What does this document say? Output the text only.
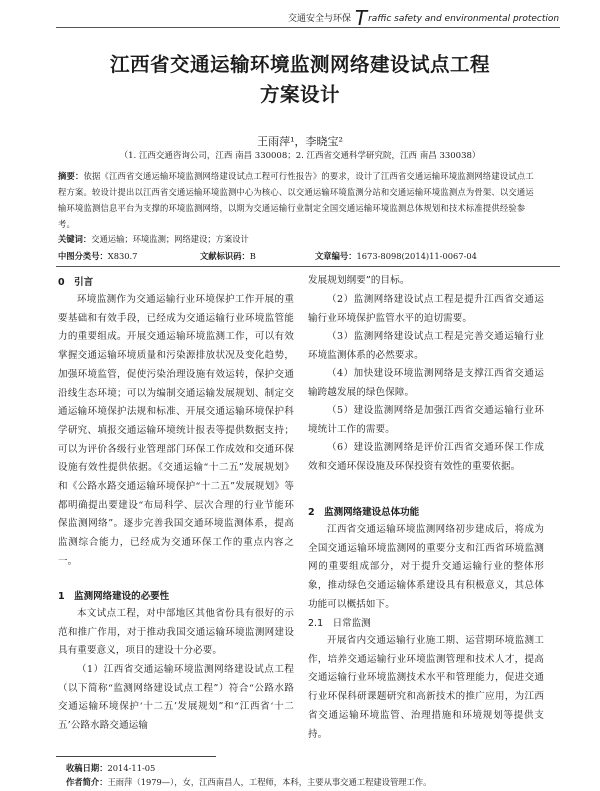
交通安全与环保 Traffic safety and environmental protection
江西省交通运输环境监测网络建设试点工程
方案设计
王雨萍¹，李晓宝²
（1. 江西交通咨询公司，江西 南昌 330008；2. 江西省交通科学研究院，江西 南昌 330038）
摘要：依据《江西省交通运输环境监测网络建设试点工程可行性报告》的要求，设计了江西省交通运输环境监测网络建设试点工程方案。较设计提出以江西省交通运输环境监测中心为核心、以交通运输环境监测分站和交通运输环境监测点为骨架、以交通运输环境监测信息平台为支撑的环境监测网络，以期为交通运输行业制定全国交通运输环境监测总体规划和技术标准提供经验参考。
关键词：交通运输；环境监测；网络建设；方案设计
中图分类号：X830.7	文献标识码：B	文章编号：1673-8098(2014)11-0067-04
0　引言
环境监测作为交通运输行业环境保护工作开展的重要基础和有效手段，已经成为交通运输行业环境监管能力的重要组成。开展交通运输环境监测工作，可以有效掌握交通运输环境质量和污染源排放状况及变化趋势，加强环境监管，促使污染治理设施有效运转，保护交通沿线生态环境；可以为编制交通运输发展规划、制定交通运输环境保护法规和标准、开展交通运输环境保护科学研究、填报交通运输环境统计报表等提供数据支持；可以为评价各级行业管理部门环保工作成效和交通环保设施有效性提供依据。《交通运输“十二五”发展规划》和《公路水路交通运输环境保护“十二五”发展规划》等都明确提出要建设“布局科学、层次合理的行业节能环保监测网络”。逐步完善我国交通环境监测体系，提高监测综合能力，已经成为交通环保工作的重点内容之一。
1　监测网络建设的必要性
本文试点工程，对中部地区其他省份具有很好的示范和推广作用，对于推动我国交通运输环境监测网建设具有重要意义，项目的建设十分必要。
（1）江西省交通运输环境监测网络建设试点工程（以下简称“监测网络建设试点工程”）符合“公路水路交通运输环境保护‘十二五’发展规划”和“江西省‘十二五’公路水路交通运输
发展规划纲要”的目标。
（2）监测网络建设试点工程是提升江西省交通运输行业环境保护监管水平的迫切需要。
（3）监测网络建设试点工程是完善交通运输行业环境监测体系的必然要求。
（4）加快建设环境监测网络是支撑江西省交通运输跨越发展的绿色保障。
（5）建设监测网络是加强江西省交通运输行业环境统计工作的需要。
（6）建设监测网络是评价江西省交通环保工作成效和交通环保设施及环保投资有效性的重要依据。
2　监测网络建设总体功能
江西省交通运输环境监测网络初步建成后，将成为全国交通运输环境监测网的重要分支和江西省环境监测网的重要组成部分，对于提升交通运输行业的整体形象，推动绿色交通运输体系建设具有积极意义，其总体功能可以概括如下。
2.1　日常监测
开展省内交通运输行业施工期、运营期环境监测工作，培养交通运输行业环境监测管理和技术人才，提高交通运输行业环境监测技术水平和管理能力，促进交通行业环保科研课题研究和高新技术的推广应用，为江西省交通运输环境监管、治理措施和环境规划等提供支持。
收稿日期：2014-11-05
作者简介：王雨萍（1979—），女，江西南昌人，工程师，本科，主要从事交通工程建设管理工作。
